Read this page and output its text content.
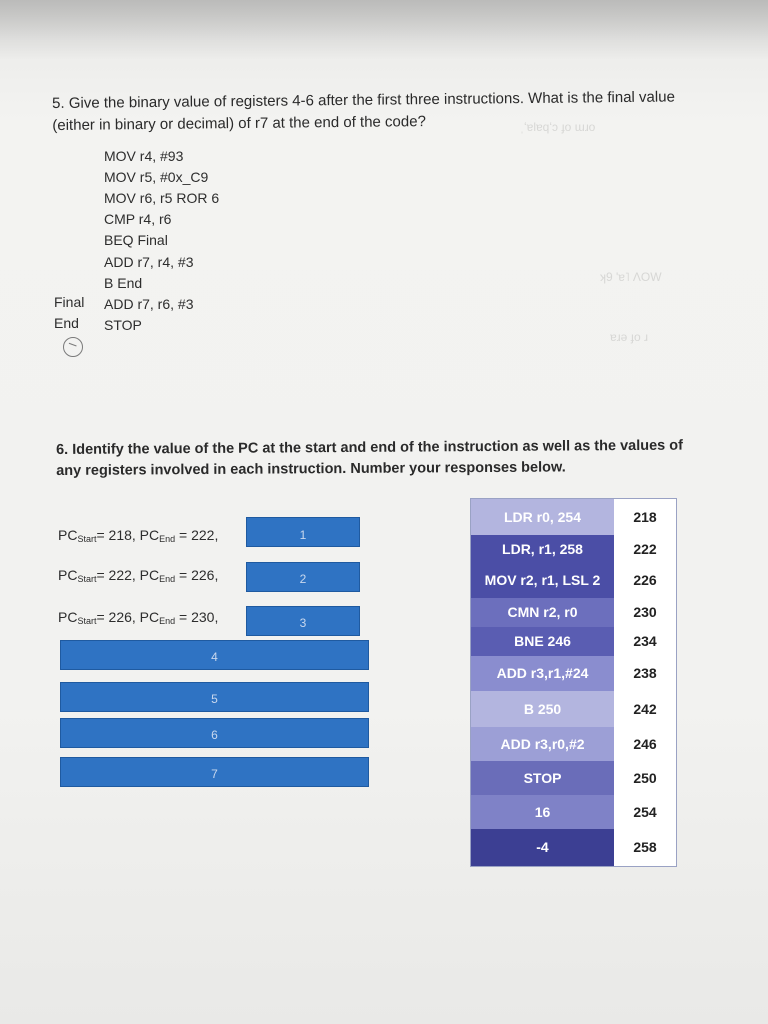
ˌʻɐlɐqʻɔ ɟo ɯɹo
ʞ9 'ɐ˥ ΛOW
ɐɹǝ ɟo ɹ
5. Give the binary value of registers 4-6 after the first three instructions. What is the final value
(either in binary or decimal) of r7 at the end of the code?
MOV r4, #93
MOV r5, #0x_C9
MOV r6, r5 ROR 6
CMP r4, r6
BEQ Final
ADD r7, r4, #3
B End
ADD r7, r6, #3
STOP
Final
End
6. Identify the value of the PC at the start and end of the instruction as well as the values of
any registers involved in each instruction. Number your responses below.
$PC_{Start}= 218$, $PC_{End} = 222$,
$PC_{Start}= 222$, $PC_{End} = 226$,
$PC_{Start}= 226$, $PC_{End} = 230$,
1
2
3
4
5
6
7
LDR r0, 254	218
LDR, r1, 258	222
MOV r2, r1, LSL 2	226
CMN r2, r0	230
BNE 246	234
ADD r3,r1,#24	238
B 250	242
ADD r3,r0,#2	246
STOP	250
16	254
-4	258
